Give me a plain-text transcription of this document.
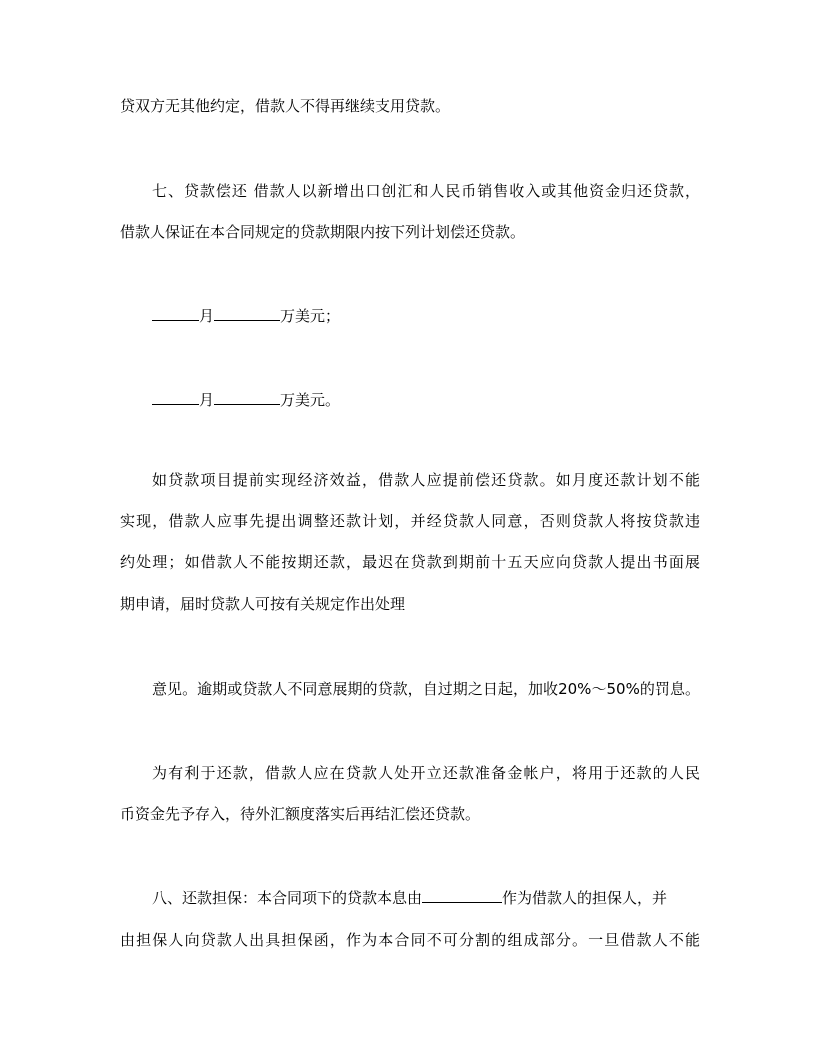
贷双方无其他约定，借款人不得再继续支用贷款。
七、贷款偿还 借款人以新增出口创汇和人民币销售收入或其他资金归还贷款，
借款人保证在本合同规定的贷款期限内按下列计划偿还贷款。
月	万美元；
月	万美元。
如贷款项目提前实现经济效益，借款人应提前偿还贷款。如月度还款计划不能
实现，借款人应事先提出调整还款计划，并经贷款人同意，否则贷款人将按贷款违
约处理；如借款人不能按期还款，最迟在贷款到期前十五天应向贷款人提出书面展
期申请，届时贷款人可按有关规定作出处理
意见。逾期或贷款人不同意展期的贷款，自过期之日起，加收20%～50%的罚息。
为有利于还款，借款人应在贷款人处开立还款准备金帐户，将用于还款的人民
币资金先予存入，待外汇额度落实后再结汇偿还贷款。
八、还款担保：本合同项下的贷款本息由	作为借款人的担保人，并
由担保人向贷款人出具担保函，作为本合同不可分割的组成部分。一旦借款人不能
